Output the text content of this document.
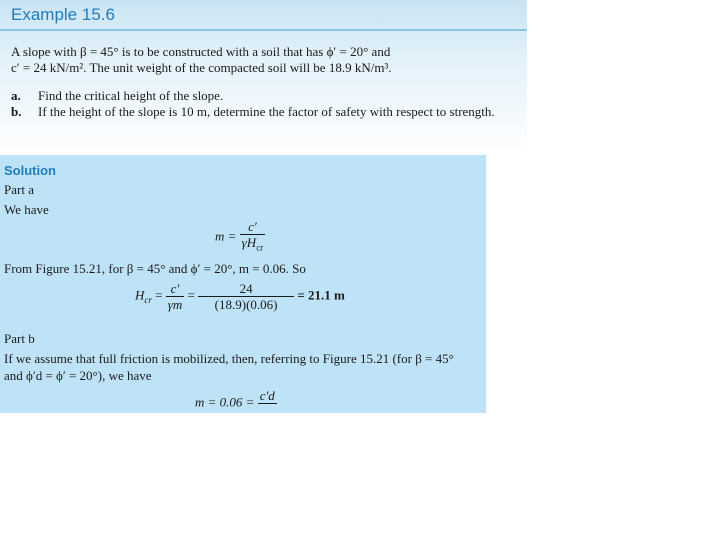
Example 15.6

A slope with β = 45° is to be constructed with a soil that has ϕ′ = 20° and

c′ = 24 kN/m². The unit weight of the compacted soil will be 18.9 kN/m³.

a.	Find the critical height of the slope.
b.	If the height of the slope is 10 m, determine the factor of safety with respect to strength.
Solution
Part a
We have
$m = \frac{c'}{\gamma H_{cr}}$
From Figure 15.21, for β = 45° and ϕ′ = 20°, m = 0.06. So
$H_{cr} = \frac{c'}{\gamma m} = \frac{24}{(18.9)(0.06)} = 21.1$ m
Part b
If we assume that full friction is mobilized, then, referring to Figure 15.21 (for β = 45°
and ϕ′d = ϕ′ = 20°), we have
m = 0.06 = c′d
